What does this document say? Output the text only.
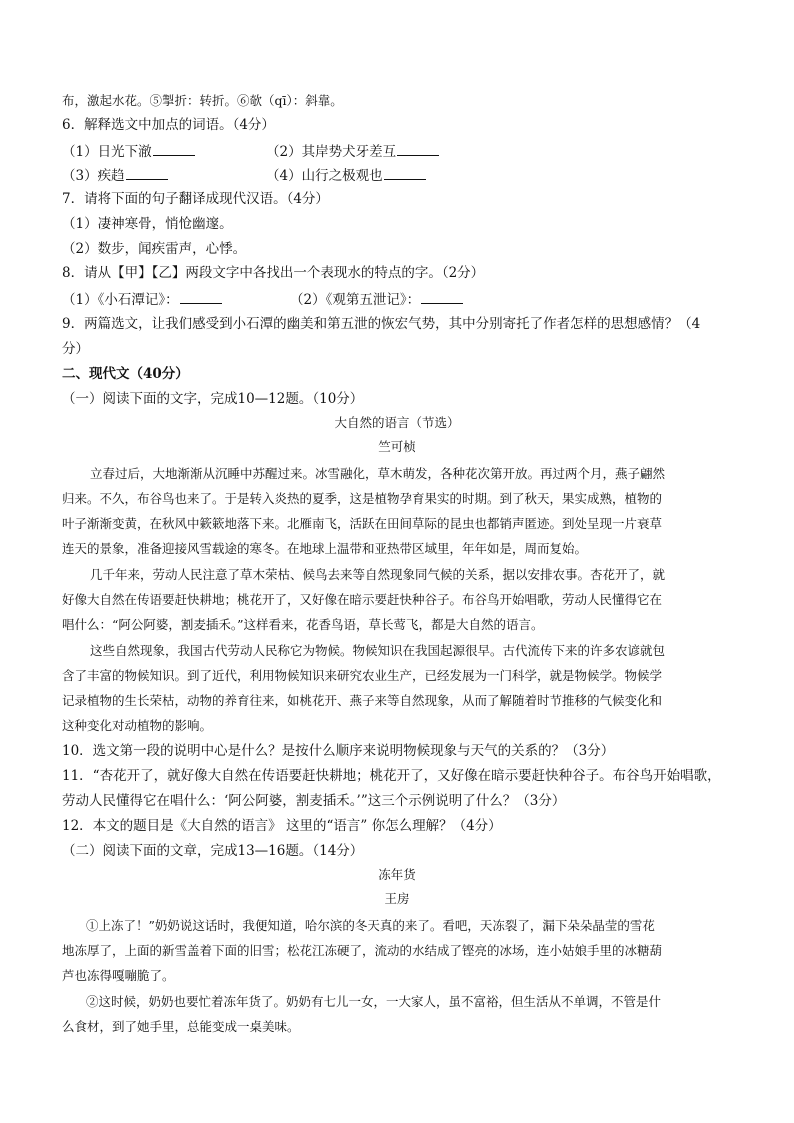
布，激起水花。⑤掣折：转折。⑥欹（qī）：斜靠。
6．解释选文中加点的词语。（4分）
（1）日光下澈	（2）其岸势犬牙差互
（3）疾趋	（4）山行之极观也
7．请将下面的句子翻译成现代汉语。（4分）
（1）凄神寒骨，悄怆幽邃。
（2）数步，闻疾雷声，心悸。
8．请从【甲】【乙】两段文字中各找出一个表现水的特点的字。（2分）
（1）《小石潭记》：	（2）《观第五泄记》：
9．两篇选文，让我们感受到小石潭的幽美和第五泄的恢宏气势，其中分别寄托了作者怎样的思想感情？（4
分）
二、现代文（40分）
（一）阅读下面的文字，完成10—12题。（10分）
大自然的语言（节选）
竺可桢
立春过后，大地渐渐从沉睡中苏醒过来。冰雪融化，草木萌发，各种花次第开放。再过两个月，燕子翩然
归来。不久，布谷鸟也来了。于是转入炎热的夏季，这是植物孕育果实的时期。到了秋天，果实成熟，植物的
叶子渐渐变黄，在秋风中簌簌地落下来。北雁南飞，活跃在田间草际的昆虫也都销声匿迹。到处呈现一片衰草
连天的景象，准备迎接风雪载途的寒冬。在地球上温带和亚热带区域里，年年如是，周而复始。
几千年来，劳动人民注意了草木荣枯、候鸟去来等自然现象同气候的关系，据以安排农事。杏花开了，就
好像大自然在传语要赶快耕地；桃花开了，又好像在暗示要赶快种谷子。布谷鸟开始唱歌，劳动人民懂得它在
唱什么：“阿公阿婆，割麦插禾。”这样看来，花香鸟语，草长莺飞，都是大自然的语言。
这些自然现象，我国古代劳动人民称它为物候。物候知识在我国起源很早。古代流传下来的许多农谚就包
含了丰富的物候知识。到了近代，利用物候知识来研究农业生产，已经发展为一门科学，就是物候学。物候学
记录植物的生长荣枯，动物的养育往来，如桃花开、燕子来等自然现象，从而了解随着时节推移的气候变化和
这种变化对动植物的影响。
10．选文第一段的说明中心是什么？是按什么顺序来说明物候现象与天气的关系的？（3分）
11．“杏花开了，就好像大自然在传语要赶快耕地；桃花开了，又好像在暗示要赶快种谷子。布谷鸟开始唱歌，
劳动人民懂得它在唱什么：‘阿公阿婆，割麦插禾。’”这三个示例说明了什么？（3分）
12．本文的题目是《大自然的语言》 这里的“语言” 你怎么理解？（4分）
（二）阅读下面的文章，完成13—16题。（14分）
冻年货
王房
①上冻了！”奶奶说这话时，我便知道，哈尔滨的冬天真的来了。看吧，天冻裂了，漏下朵朵晶莹的雪花
地冻厚了，上面的新雪盖着下面的旧雪；松花江冻硬了，流动的水结成了铿亮的冰场，连小姑娘手里的冰糖葫
芦也冻得嘎嘣脆了。
②这时候，奶奶也要忙着冻年货了。奶奶有七儿一女，一大家人，虽不富裕，但生活从不单调，不管是什
么食材，到了她手里，总能变成一桌美味。
